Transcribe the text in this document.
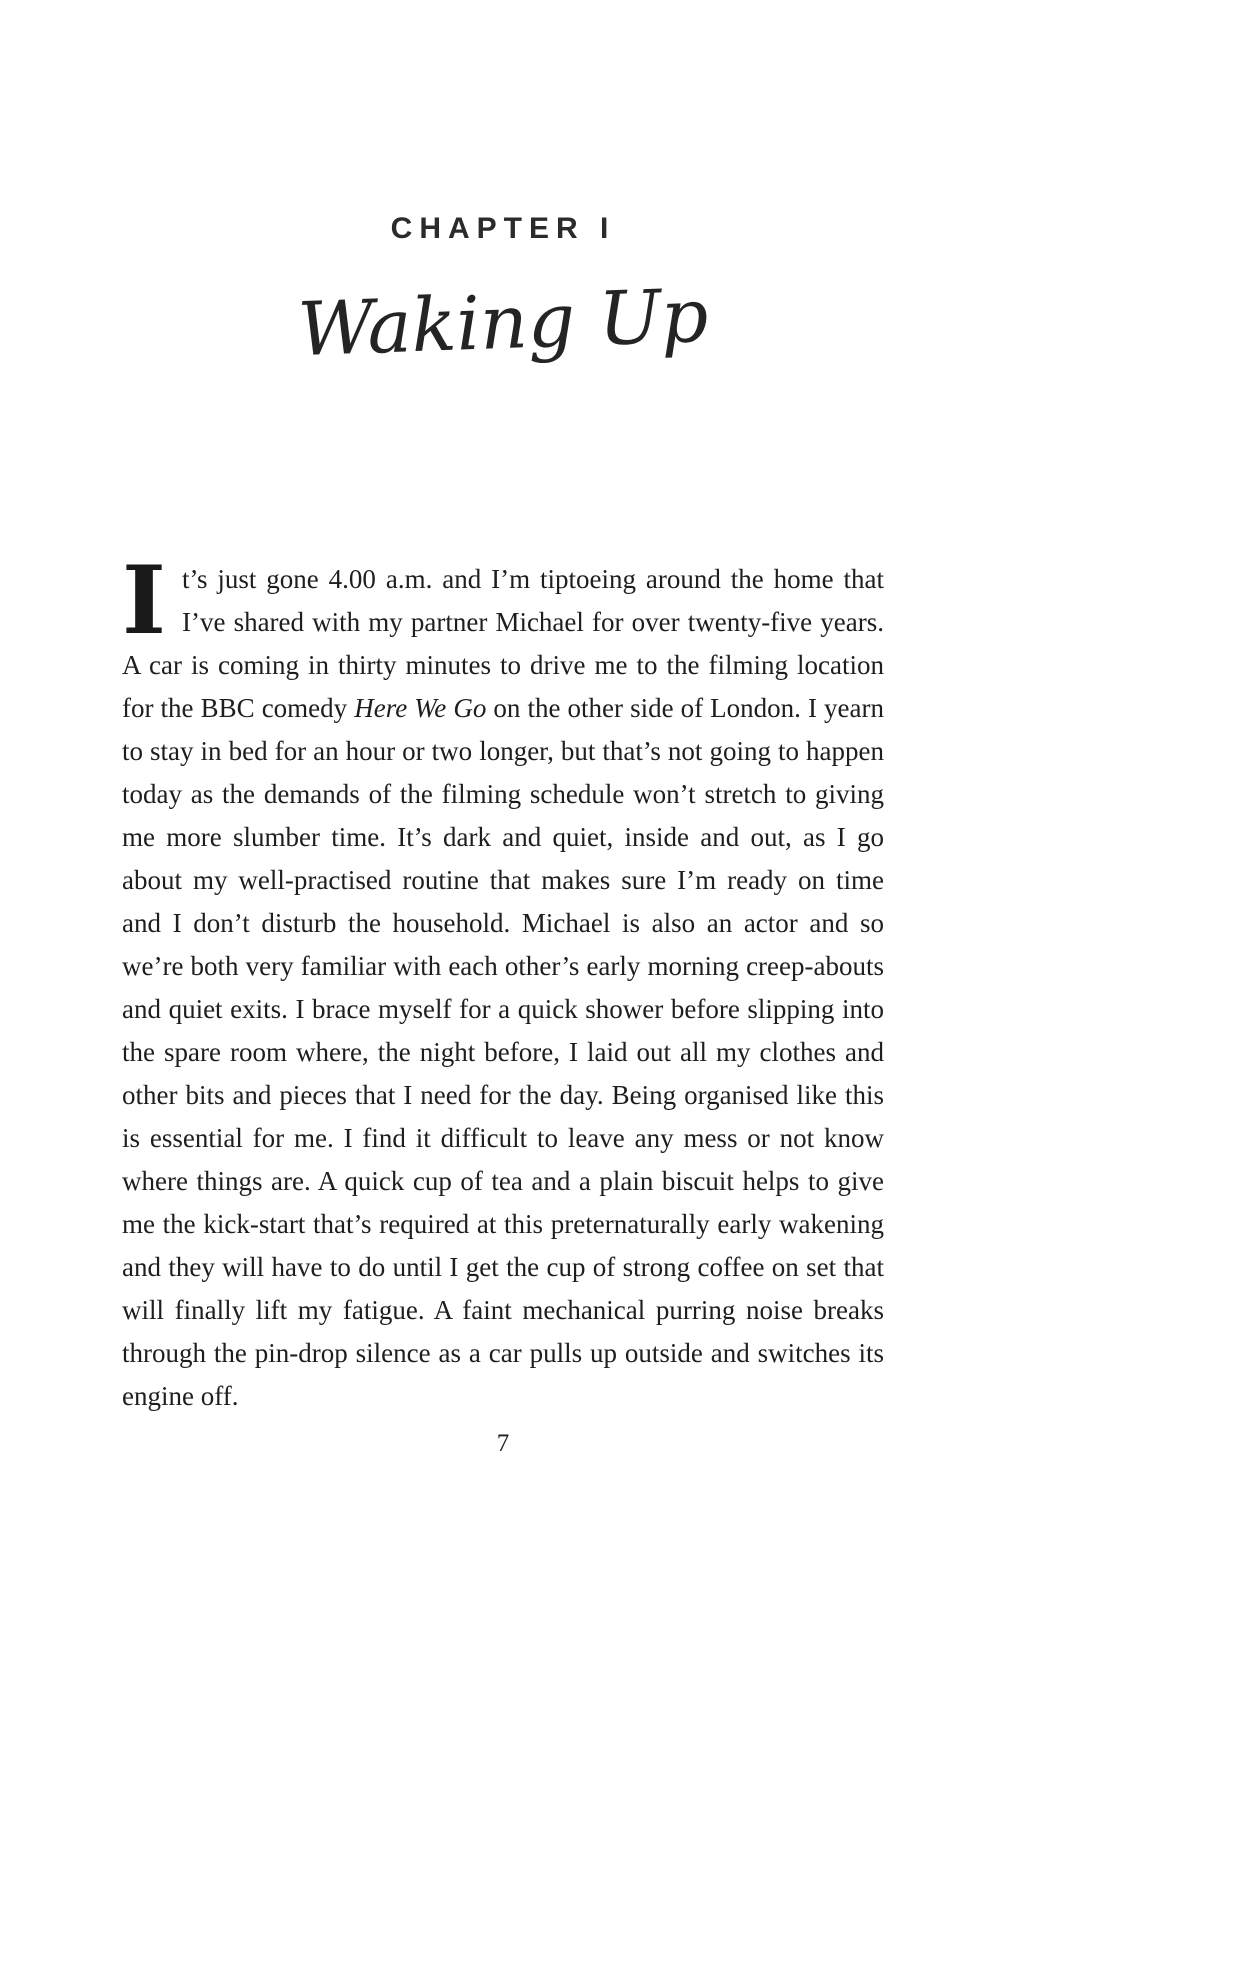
CHAPTER I
Waking Up
It’s just gone 4.00 a.m. and I’m tiptoeing around the home that I’ve shared with my partner Michael for over twenty-five years. A car is coming in thirty minutes to drive me to the filming location for the BBC comedy Here We Go on the other side of London. I yearn to stay in bed for an hour or two longer, but that’s not going to happen today as the demands of the filming schedule won’t stretch to giving me more slumber time. It’s dark and quiet, inside and out, as I go about my well-practised routine that makes sure I’m ready on time and I don’t disturb the household. Michael is also an actor and so we’re both very familiar with each other’s early morning creep-abouts and quiet exits. I brace myself for a quick shower before slipping into the spare room where, the night before, I laid out all my clothes and other bits and pieces that I need for the day. Being organised like this is essential for me. I find it difficult to leave any mess or not know where things are. A quick cup of tea and a plain biscuit helps to give me the kick-start that’s required at this preternaturally early wakening and they will have to do until I get the cup of strong coffee on set that will finally lift my fatigue. A faint mechanical purring noise breaks through the pin-drop silence as a car pulls up outside and switches its engine off.
7
